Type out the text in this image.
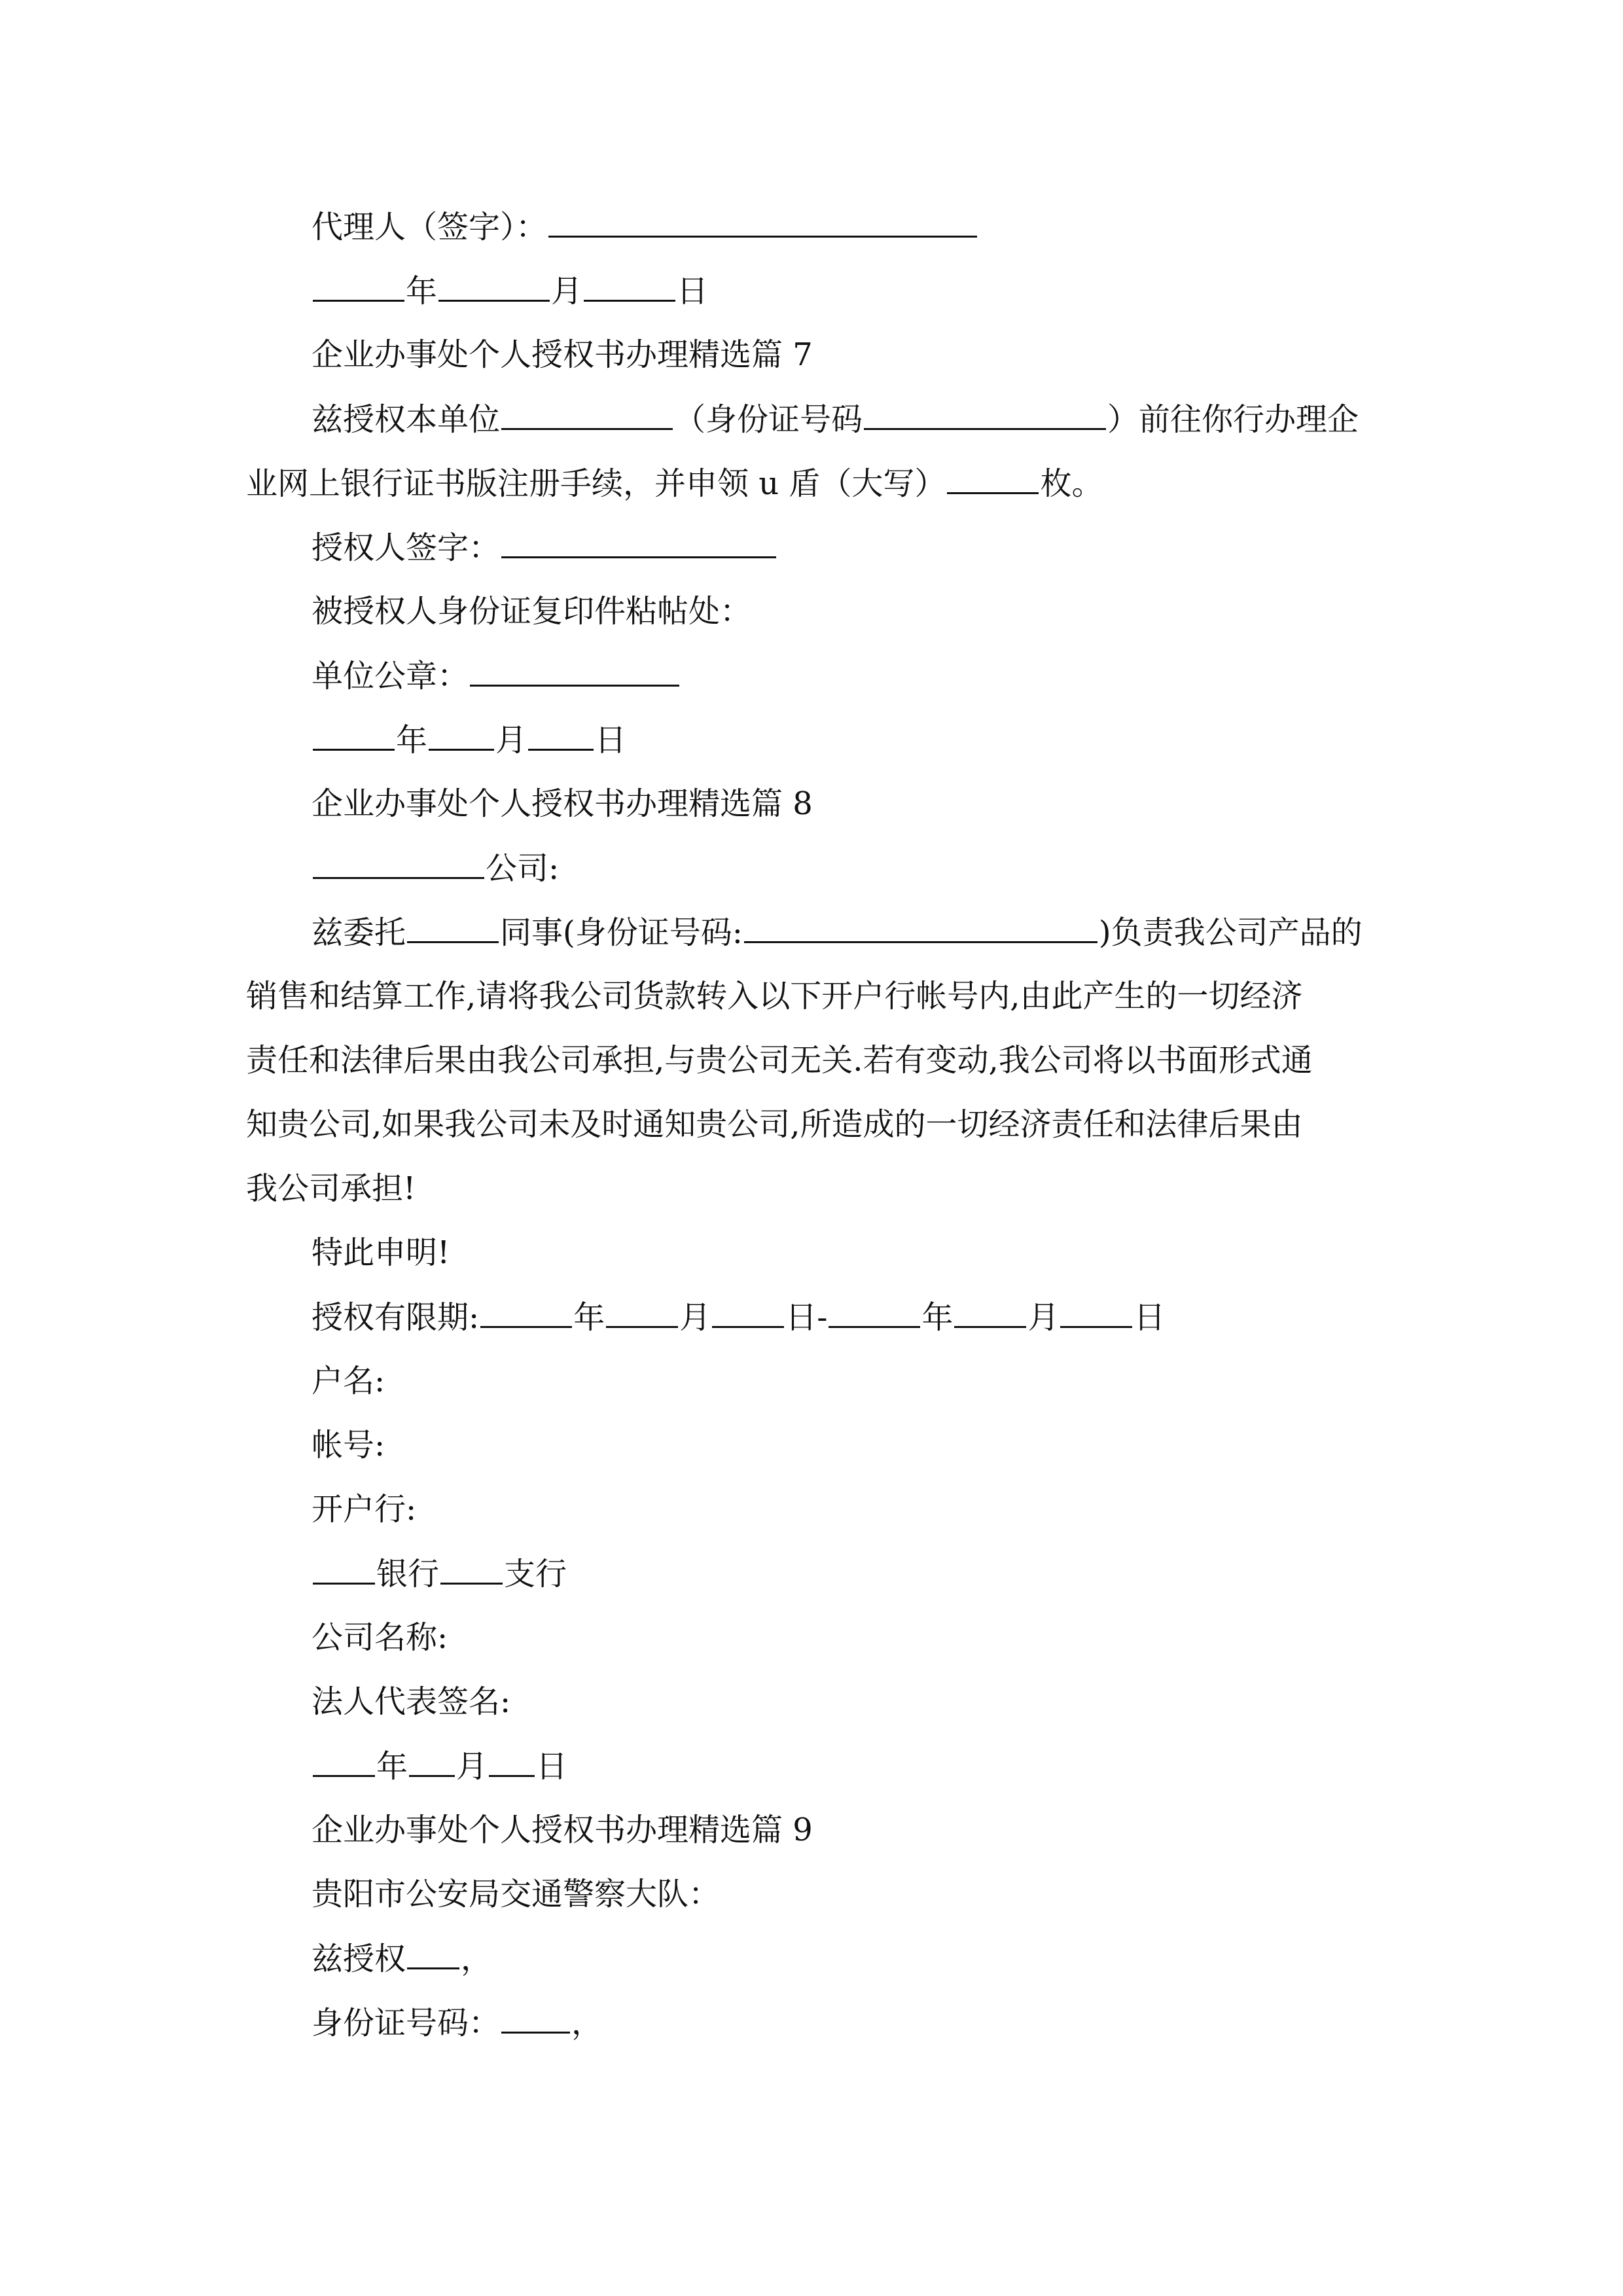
代理人（签字）：
年	月	日
企业办事处个人授权书办理精选篇 7
兹授权本单位	（身份证号码	）前往你行办理企
业网上银行证书版注册手续，并申领 u 盾（大写）	枚。
授权人签字：
被授权人身份证复印件粘帖处：
单位公章：
年 月 日
企业办事处个人授权书办理精选篇 8
公司:
兹委托	同事(身份证号码:	)负责我公司产品的
销售和结算工作,请将我公司货款转入以下开户行帐号内,由此产生的一切经济
责任和法律后果由我公司承担,与贵公司无关.若有变动,我公司将以书面形式通
知贵公司,如果我公司未及时通知贵公司,所造成的一切经济责任和法律后果由
我公司承担!
特此申明!
授权有限期:	年 月 日-	年 月 日
户名:
帐号:
开户行:
银行 支行
公司名称:
法人代表签名:
年 月 日
企业办事处个人授权书办理精选篇 9
贵阳市公安局交通警察大队：
兹授权 ，
身份证号码： ，
